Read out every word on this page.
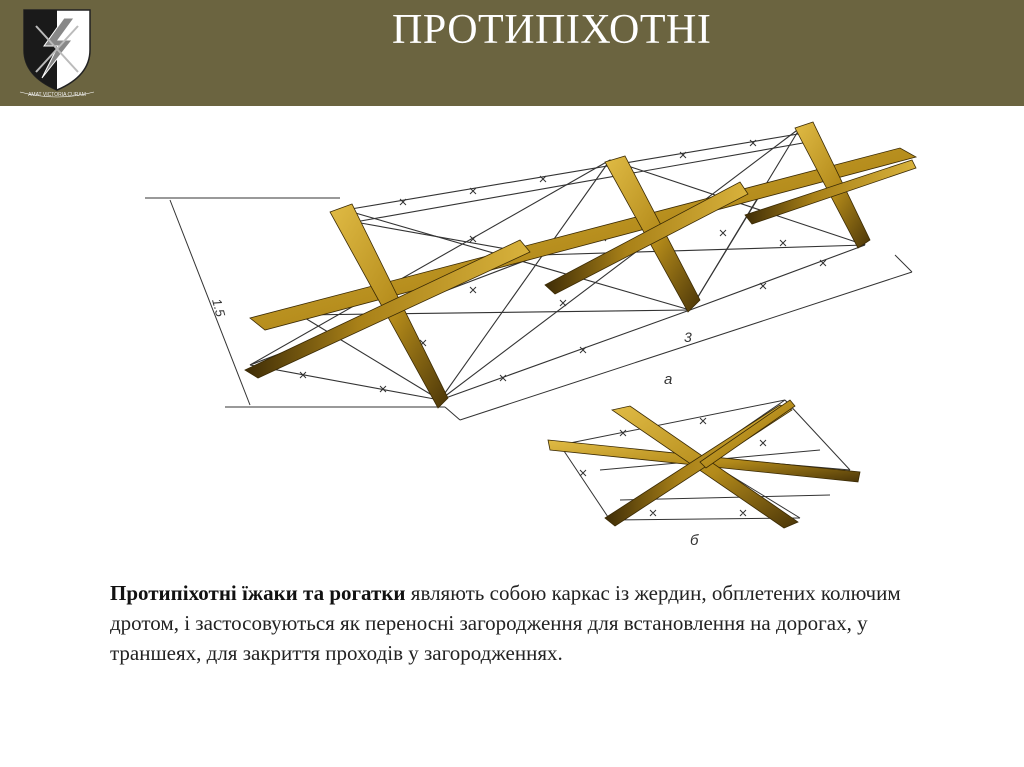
AMAT VICTORIA CURAM
ПРОТИПІХОТНІ
1.5
3
а
б
Протипіхотні їжаки та рогатки являють собою каркас із жердин, обплетених колючим дротом, і застосовуються як переносні загородження для встановлення на дорогах, у траншеях, для закриття проходів у загородженнях.
